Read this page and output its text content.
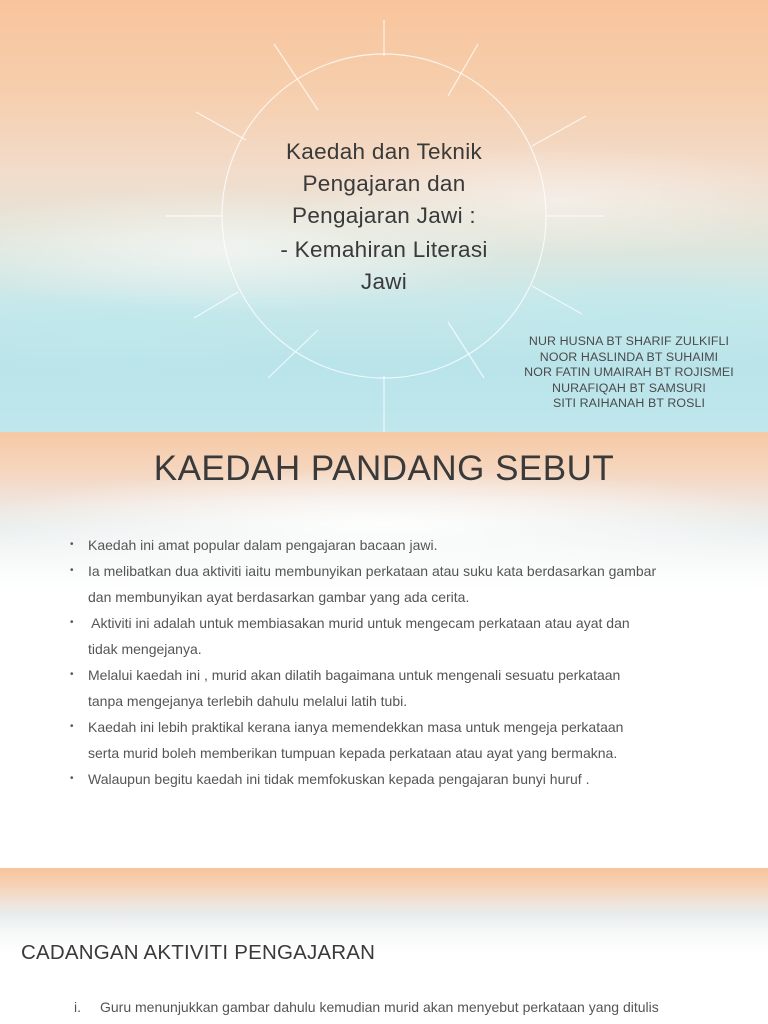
Kaedah dan Teknik

Pengajaran dan

Pengajaran Jawi :

- Kemahiran Literasi

Jawi

NUR HUSNA BT SHARIF ZULKIFLI
NOOR HASLINDA BT SUHAIMI
NOR FATIN UMAIRAH BT ROJISMEI
NURAFIQAH BT SAMSURI
SITI RAIHANAH BT ROSLI
KAEDAH PANDANG SEBUT
• Kaedah ini amat popular dalam pengajaran bacaan jawi.
• Ia melibatkan dua aktiviti iaitu membunyikan perkataan atau suku kata berdasarkan gambar
dan membunyikan ayat berdasarkan gambar yang ada cerita.
• Aktiviti ini adalah untuk membiasakan murid untuk mengecam perkataan atau ayat dan
tidak mengejanya.
• Melalui kaedah ini , murid akan dilatih bagaimana untuk mengenali sesuatu perkataan
tanpa mengejanya terlebih dahulu melalui latih tubi.
• Kaedah ini lebih praktikal kerana ianya memendekkan masa untuk mengeja perkataan
serta murid boleh memberikan tumpuan kepada perkataan atau ayat yang bermakna.
• Walaupun begitu kaedah ini tidak memfokuskan kepada pengajaran bunyi huruf .
CADANGAN AKTIVITI PENGAJARAN

i. Guru menunjukkan gambar dahulu kemudian murid akan menyebut perkataan yang ditulis
